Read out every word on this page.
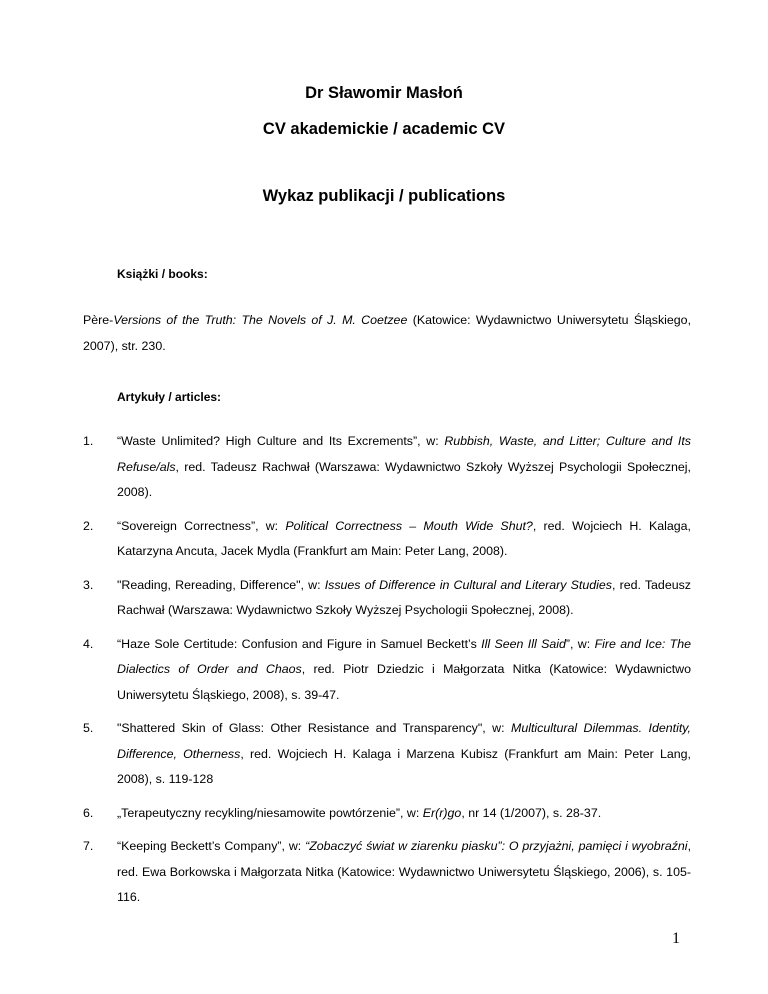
Dr Sławomir Masłoń
CV akademickie / academic CV
Wykaz publikacji / publications
Książki / books:
Père-Versions of the Truth: The Novels of J. M. Coetzee (Katowice: Wydawnictwo Uniwersytetu Śląskiego, 2007), str. 230.
Artykuły / articles:
1. “Waste Unlimited? High Culture and Its Excrements”, w: Rubbish, Waste, and Litter; Culture and Its Refuse/als, red. Tadeusz Rachwał (Warszawa: Wydawnictwo Szkoły Wyższej Psychologii Społecznej, 2008).
2. “Sovereign Correctness”, w: Political Correctness – Mouth Wide Shut?, red. Wojciech H. Kalaga, Katarzyna Ancuta, Jacek Mydla (Frankfurt am Main: Peter Lang, 2008).
3. "Reading, Rereading, Difference", w: Issues of Difference in Cultural and Literary Studies, red. Tadeusz Rachwał (Warszawa: Wydawnictwo Szkoły Wyższej Psychologii Społecznej, 2008).
4. “Haze Sole Certitude: Confusion and Figure in Samuel Beckett’s Ill Seen Ill Said”, w: Fire and Ice: The Dialectics of Order and Chaos, red. Piotr Dziedzic i Małgorzata Nitka (Katowice: Wydawnictwo Uniwersytetu Śląskiego, 2008), s. 39-47.
5. "Shattered Skin of Glass: Other Resistance and Transparency", w: Multicultural Dilemmas. Identity, Difference, Otherness, red. Wojciech H. Kalaga i Marzena Kubisz (Frankfurt am Main: Peter Lang, 2008), s. 119-128
6. „Terapeutyczny recykling/niesamowite powtórzenie”, w: Er(r)go, nr 14 (1/2007), s. 28-37.
7. “Keeping Beckett’s Company”, w: “Zobaczyć świat w ziarenku piasku”: O przyjażni, pamięci i wyobraźni, red. Ewa Borkowska i Małgorzata Nitka (Katowice: Wydawnictwo Uniwersytetu Śląskiego, 2006), s. 105-116.
1
